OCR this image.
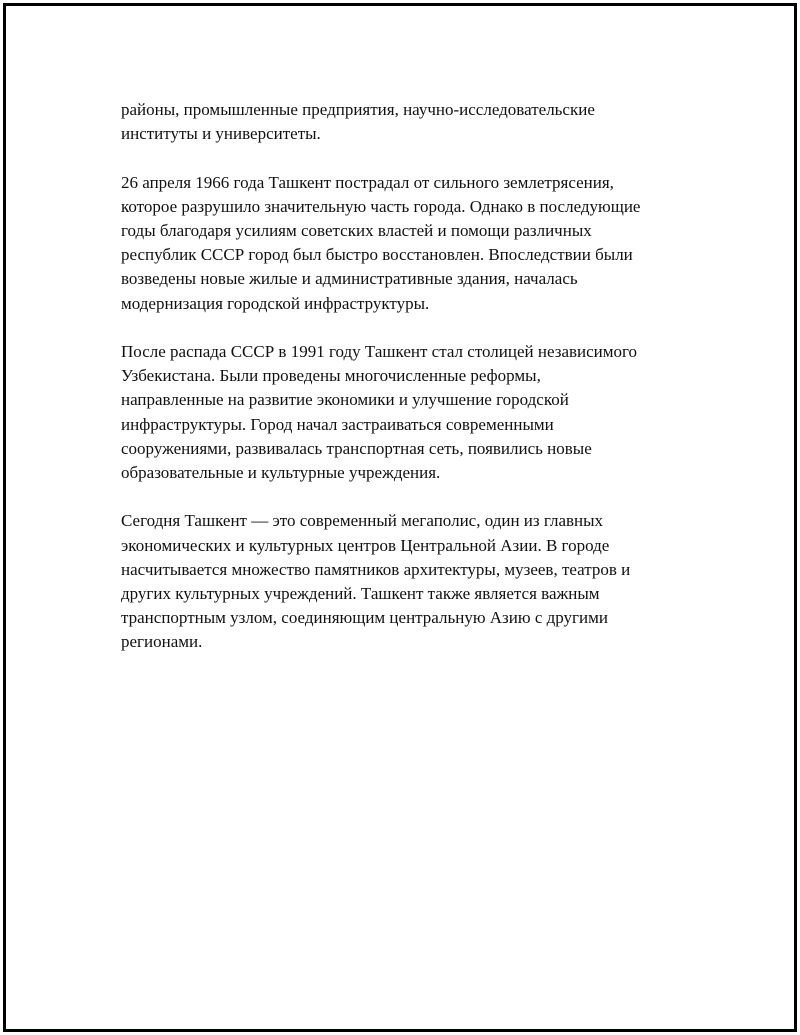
районы, промышленные предприятия, научно-исследовательские
институты и университеты.

26 апреля 1966 года Ташкент пострадал от сильного землетрясения,
которое разрушило значительную часть города. Однако в последующие
годы благодаря усилиям советских властей и помощи различных
республик СССР город был быстро восстановлен. Впоследствии были
возведены новые жилые и административные здания, началась
модернизация городской инфраструктуры.

После распада СССР в 1991 году Ташкент стал столицей независимого
Узбекистана. Были проведены многочисленные реформы,
направленные на развитие экономики и улучшение городской
инфраструктуры. Город начал застраиваться современными
сооружениями, развивалась транспортная сеть, появились новые
образовательные и культурные учреждения.

Сегодня Ташкент — это современный мегаполис, один из главных
экономических и культурных центров Центральной Азии. В городе
насчитывается множество памятников архитектуры, музеев, театров и
других культурных учреждений. Ташкент также является важным
транспортным узлом, соединяющим центральную Азию с другими
регионами.
